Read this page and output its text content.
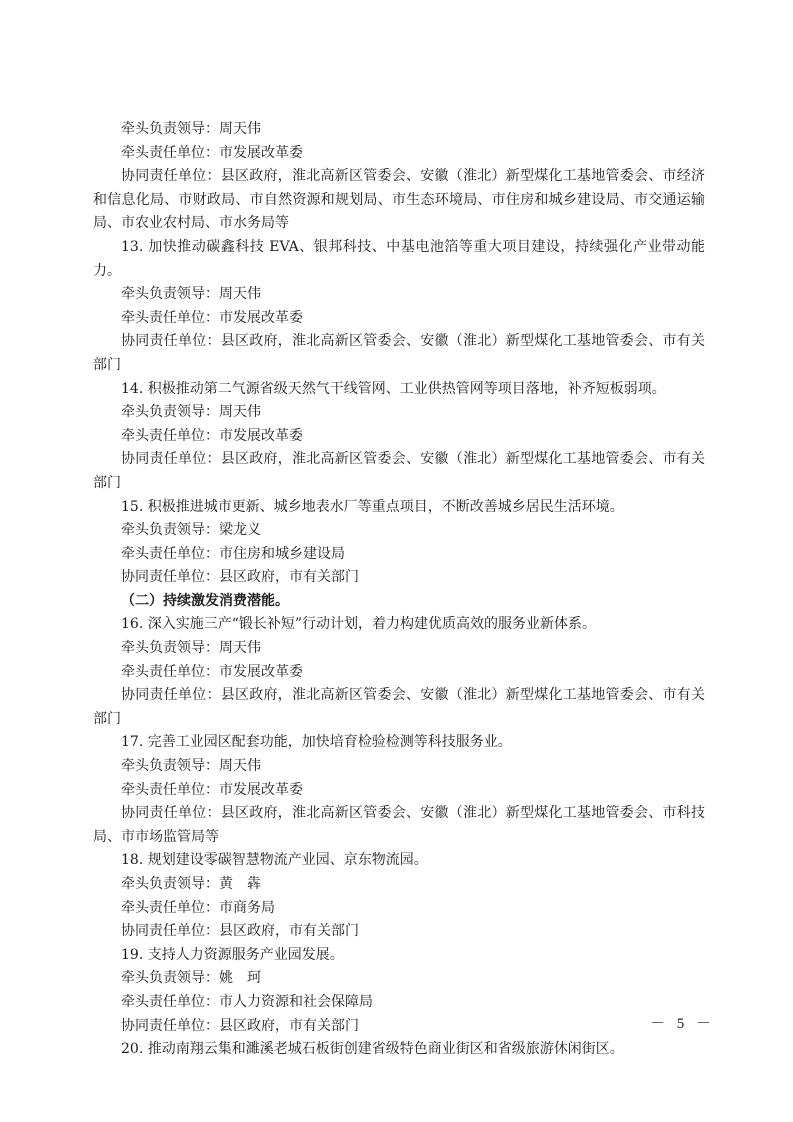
牵头负责领导：周天伟
牵头责任单位：市发展改革委
协同责任单位：县区政府，淮北高新区管委会、安徽（淮北）新型煤化工基地管委会、市经济和信息化局、市财政局、市自然资源和规划局、市生态环境局、市住房和城乡建设局、市交通运输局、市农业农村局、市水务局等
13. 加快推动碳鑫科技 EVA、银邦科技、中基电池箔等重大项目建设，持续强化产业带动能力。
牵头负责领导：周天伟
牵头责任单位：市发展改革委
协同责任单位：县区政府，淮北高新区管委会、安徽（淮北）新型煤化工基地管委会、市有关部门
14. 积极推动第二气源省级天然气干线管网、工业供热管网等项目落地，补齐短板弱项。
牵头负责领导：周天伟
牵头责任单位：市发展改革委
协同责任单位：县区政府，淮北高新区管委会、安徽（淮北）新型煤化工基地管委会、市有关部门
15. 积极推进城市更新、城乡地表水厂等重点项目，不断改善城乡居民生活环境。
牵头负责领导：梁龙义
牵头责任单位：市住房和城乡建设局
协同责任单位：县区政府，市有关部门
（二）持续激发消费潜能。
16. 深入实施三产“锻长补短”行动计划，着力构建优质高效的服务业新体系。
牵头负责领导：周天伟
牵头责任单位：市发展改革委
协同责任单位：县区政府，淮北高新区管委会、安徽（淮北）新型煤化工基地管委会、市有关部门
17. 完善工业园区配套功能，加快培育检验检测等科技服务业。
牵头负责领导：周天伟
牵头责任单位：市发展改革委
协同责任单位：县区政府，淮北高新区管委会、安徽（淮北）新型煤化工基地管委会、市科技局、市市场监管局等
18. 规划建设零碳智慧物流产业园、京东物流园。
牵头负责领导：黄　犇
牵头责任单位：市商务局
协同责任单位：县区政府，市有关部门
19. 支持人力资源服务产业园发展。
牵头负责领导：姚　珂
牵头责任单位：市人力资源和社会保障局
协同责任单位：县区政府，市有关部门
20. 推动南翔云集和濉溪老城石板街创建省级特色商业街区和省级旅游休闲街区。
－ 5 －
